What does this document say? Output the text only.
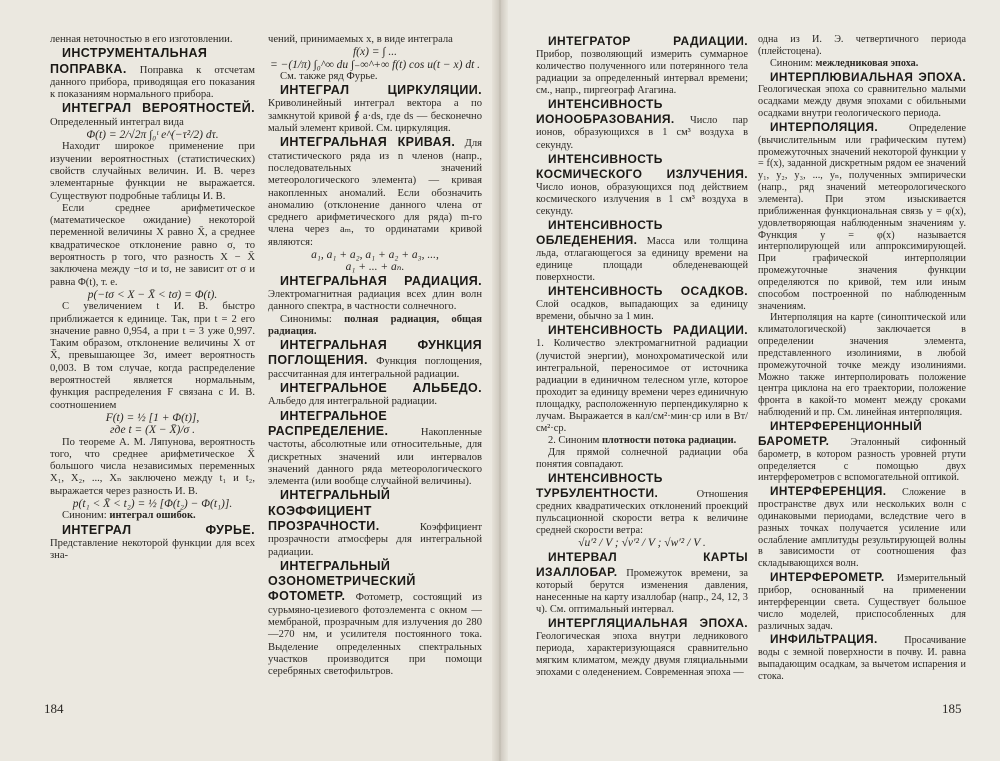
ленная неточностью в его изготовлении.

ИНСТРУМЕНТАЛЬНАЯ ПОПРАВКА. Поправка к отсчетам данного прибора, приводящая его показания к показаниям нормального прибора.

ИНТЕГРАЛ ВЕРОЯТНОСТЕЙ. Определенный интеграл вида

Φ(t) = 2/√2π ∫₀ᵗ e^(−τ²/2) dτ.

Находит широкое применение при изучении вероятностных (статистических) свойств случайных величин. И. В. через элементарные функции не выражается. Существуют подробные таблицы И. В.

Если среднее арифметическое (математическое ожидание) некоторой переменной величины X равно X̄, а среднее квадратическое отклонение равно σ, то вероятность p того, что разность X − X̄ заключена между −tσ и tσ, не зависит от σ и равна Φ(t), т. е.

p(−tσ < X − X̄ < tσ) = Φ(t).

С увеличением t И. В. быстро приближается к единице. Так, при t = 2 его значение равно 0,954, а при t = 3 уже 0,997. Таким образом, отклонение величины X от X̄, превышающее 3σ, имеет вероятность 0,003. В том случае, когда распределение вероятностей является нормальным, функция распределения F связана с И. В. соотношением

F(t) = ½ [1 + Φ(t)],

где t = (X − X̄)/σ .

По теореме А. М. Ляпунова, вероятность того, что среднее арифметическое X̄ большого числа независимых переменных X₁, X₂, ..., Xₙ заключено между t₁ и t₂, выражается через разность И. В.

p(t₁ < X̄ < t₂) = ½ [Φ(t₂) − Φ(t₁)].

Синоним: интеграл ошибок.

ИНТЕГРАЛ ФУРЬЕ. Представление некоторой функции для всех зна-

чений, принимаемых x, в виде интеграла

f(x) = ∫ ...

= −(1/π) ∫₀^∞ du ∫₋∞^+∞ f(t) cos u(t − x) dt .

См. также ряд Фурье.

ИНТЕГРАЛ ЦИРКУЛЯЦИИ. Криволинейный интеграл вектора a по замкнутой кривой ∮ a·ds, где ds — бесконечно малый элемент кривой. См. циркуляция.

ИНТЕГРАЛЬНАЯ КРИВАЯ. Для статистического ряда из n членов (напр., последовательных значений метеорологического элемента) — кривая накопленных аномалий. Если обозначить аномалию (отклонение данного члена от среднего арифметического для ряда) m-го члена через aₘ, то ординатами кривой являются:

a₁, a₁ + a₂, a₁ + a₂ + a₃, ...,

a₁ + ... + aₙ.

ИНТЕГРАЛЬНАЯ РАДИАЦИЯ. Электромагнитная радиация всех длин волн данного спектра, в частности солнечного.

Синонимы: полная радиация, общая радиация.

ИНТЕГРАЛЬНАЯ ФУНКЦИЯ ПОГЛОЩЕНИЯ. Функция поглощения, рассчитанная для интегральной радиации.

ИНТЕГРАЛЬНОЕ АЛЬБЕДО. Альбедо для интегральной радиации.

ИНТЕГРАЛЬНОЕ РАСПРЕДЕЛЕНИЕ. Накопленные частоты, абсолютные или относительные, для дискретных значений или интервалов значений данного ряда метеорологического элемента (или вообще случайной величины).

ИНТЕГРАЛЬНЫЙ КОЭФФИЦИЕНТ ПРОЗРАЧНОСТИ. Коэффициент прозрачности атмосферы для интегральной радиации.

ИНТЕГРАЛЬНЫЙ ОЗОНОМЕТРИЧЕСКИЙ ФОТОМЕТР. Фотометр, состоящий из сурьмяно-цезиевого фотоэлемента с окном — мембраной, прозрачным для излучения до 280—270 нм, и усилителя постоянного тока. Выделение определенных спектральных участков производится при помощи серебряных светофильтров.

184

ИНТЕГРАТОР РАДИАЦИИ. Прибор, позволяющий измерить суммарное количество полученного или потерянного тела радиации за определенный интервал времени; см., напр., пиргеограф Агагина.

ИНТЕНСИВНОСТЬ ИОНООБРАЗОВАНИЯ. Число пар ионов, образующихся в 1 см³ воздуха в секунду.

ИНТЕНСИВНОСТЬ КОСМИЧЕСКОГО ИЗЛУЧЕНИЯ. Число ионов, образующихся под действием космического излучения в 1 см³ воздуха в секунду.

ИНТЕНСИВНОСТЬ ОБЛЕДЕНЕНИЯ. Масса или толщина льда, отлагающегося за единицу времени на единице площади обледеневающей поверхности.

ИНТЕНСИВНОСТЬ ОСАДКОВ. Слой осадков, выпадающих за единицу времени, обычно за 1 мин.

ИНТЕНСИВНОСТЬ РАДИАЦИИ. 1. Количество электромагнитной радиации (лучистой энергии), монохроматической или интегральной, переносимое от источника радиации в единичном телесном угле, которое проходит за единицу времени через единичную площадку, расположенную перпендикулярно к лучам. Выражается в кал/см²·мин·ср или в Вт/см²·ср.

2. Синоним плотности потока радиации.

Для прямой солнечной радиации оба понятия совпадают.

ИНТЕНСИВНОСТЬ ТУРБУЛЕНТНОСТИ. Отношения средних квадратических отклонений проекций пульсационной скорости ветра к величине средней скорости ветра:

√u′² / V ; √v′² / V ; √w′² / V .

ИНТЕРВАЛ КАРТЫ ИЗАЛЛОБАР. Промежуток времени, за который берутся изменения давления, нанесенные на карту изаллобар (напр., 24, 12, 3 ч). См. оптимальный интервал.

ИНТЕРГЛЯЦИАЛЬНАЯ ЭПОХА. Геологическая эпоха внутри ледникового периода, характеризующаяся сравнительно мягким климатом, между двумя гляциальными эпохами с оледенением. Современная эпоха —

одна из И. Э. четвертичного периода (плейстоцена).

Синоним: межледниковая эпоха.

ИНТЕРПЛЮВИАЛЬНАЯ ЭПОХА. Геологическая эпоха со сравнительно малыми осадками между двумя эпохами с обильными осадками внутри геологического периода.

ИНТЕРПОЛЯЦИЯ. Определение (вычислительным или графическим путем) промежуточных значений некоторой функции y = f(x), заданной дискретным рядом ее значений y₁, y₂, y₃, ..., yₙ, полученных эмпирически (напр., ряд значений метеорологического элемента). При этом изыскивается приближенная функциональная связь y = φ(x), удовлетворяющая наблюденным значениям y. Функция y = φ(x) называется интерполирующей или аппроксимирующей. При графической интерполяции промежуточные значения функции определяются по кривой, тем или иным способом построенной по наблюденным значениям.

Интерполяция на карте (синоптической или климатологической) заключается в определении значения элемента, представленного изолиниями, в любой промежуточной точке между изолиниями. Можно также интерполировать положение центра циклона на его траектории, положение фронта в какой-то момент между сроками наблюдений и пр. См. линейная интерполяция.

ИНТЕРФЕРЕНЦИОННЫЙ БАРОМЕТР. Эталонный сифонный барометр, в котором разность уровней ртути определяется с помощью двух интерферометров с вспомогательной оптикой.

ИНТЕРФЕРЕНЦИЯ. Сложение в пространстве двух или нескольких волн с одинаковыми периодами, вследствие чего в разных точках получается усиление или ослабление амплитуды результирующей волны в зависимости от соотношения фаз складывающихся волн.

ИНТЕРФЕРОМЕТР. Измерительный прибор, основанный на применении интерференции света. Существует большое число моделей, приспособленных для различных задач.

ИНФИЛЬТРАЦИЯ. Просачивание воды с земной поверхности в почву. И. равна выпадающим осадкам, за вычетом испарения и стока.

185
